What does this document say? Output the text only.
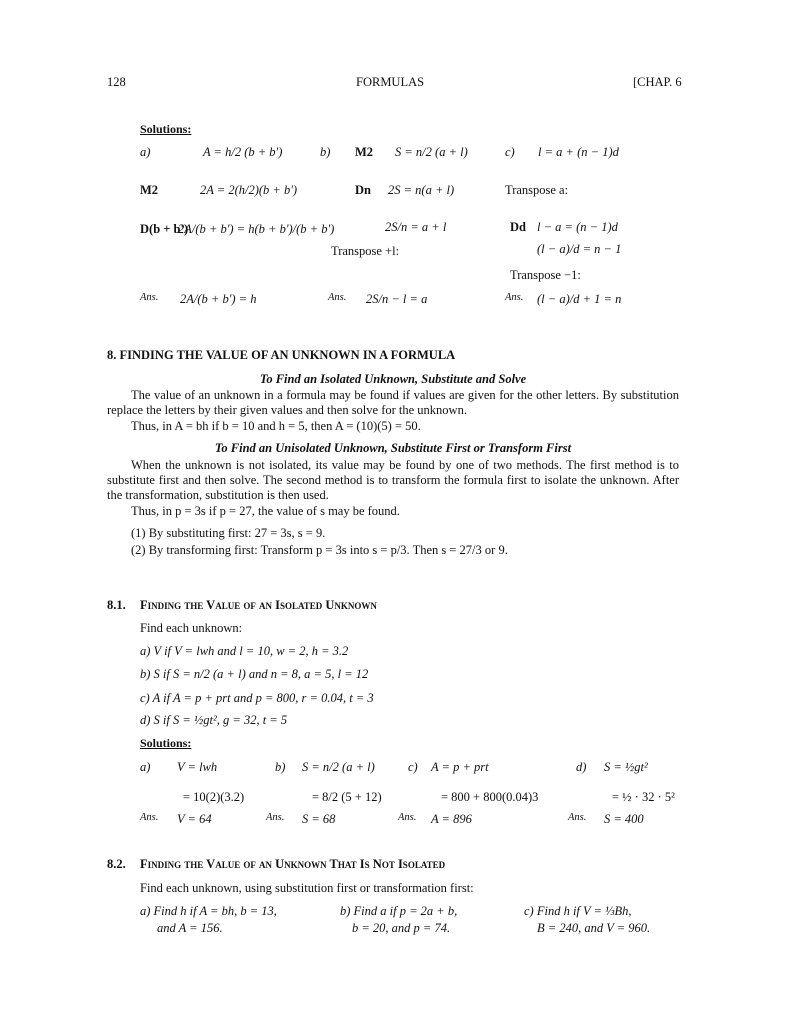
128	FORMULAS	[CHAP. 6
Solutions:
a)	A = h/2 (b + b')
M2	2A = 2(h/2)(b + b')
D(b + b')
2A/(b + b') = h(b + b')/(b + b')
Ans. 2A/(b + b') = h
b) M2 S = n/2 (a + l)
Dn 2S = n(a + l)
2S/n = a + l
Transpose +l:
Ans. 2S/n − l = a
c) l = a + (n − 1)d
Transpose a:
Dd l − a = (n − 1)d
(l − a)/d = n − 1
Transpose −1:
Ans. (l − a)/d + 1 = n
8. FINDING THE VALUE OF AN UNKNOWN IN A FORMULA
To Find an Isolated Unknown, Substitute and Solve
The value of an unknown in a formula may be found if values are given for the other letters. By substitution replace the letters by their given values and then solve for the unknown.
Thus, in A = bh if b = 10 and h = 5, then A = (10)(5) = 50.
To Find an Unisolated Unknown, Substitute First or Transform First
When the unknown is not isolated, its value may be found by one of two methods. The first method is to substitute first and then solve. The second method is to transform the formula first to isolate the unknown. After the transformation, substitution is then used.
Thus, in p = 3s if p = 27, the value of s may be found.
(1) By substituting first: 27 = 3s, s = 9.
(2) By transforming first: Transform p = 3s into s = p/3. Then s = 27/3 or 9.
8.1. Finding the Value of an Isolated Unknown
Find each unknown:
a) V if V = lwh and l = 10, w = 2, h = 3.2
b) S if S = n/2 (a + l) and n = 8, a = 5, l = 12
c) A if A = p + prt and p = 800, r = 0.04, t = 3
d) S if S = ½gt², g = 32, t = 5
Solutions:
a) V = lwh
= 10(2)(3.2)
Ans. V = 64
b) S = n/2 (a + l)
= 8/2 (5 + 12)
Ans. S = 68
c) A = p + prt
= 800 + 800(0.04)3
Ans. A = 896
d) S = ½gt²
= ½ · 32 · 5²
Ans. S = 400
8.2. Finding the Value of an Unknown That Is Not Isolated
Find each unknown, using substitution first or transformation first:
a) Find h if A = bh, b = 13,
and A = 156.
b) Find a if p = 2a + b,
b = 20, and p = 74.
c) Find h if V = ⅓Bh,
B = 240, and V = 960.
